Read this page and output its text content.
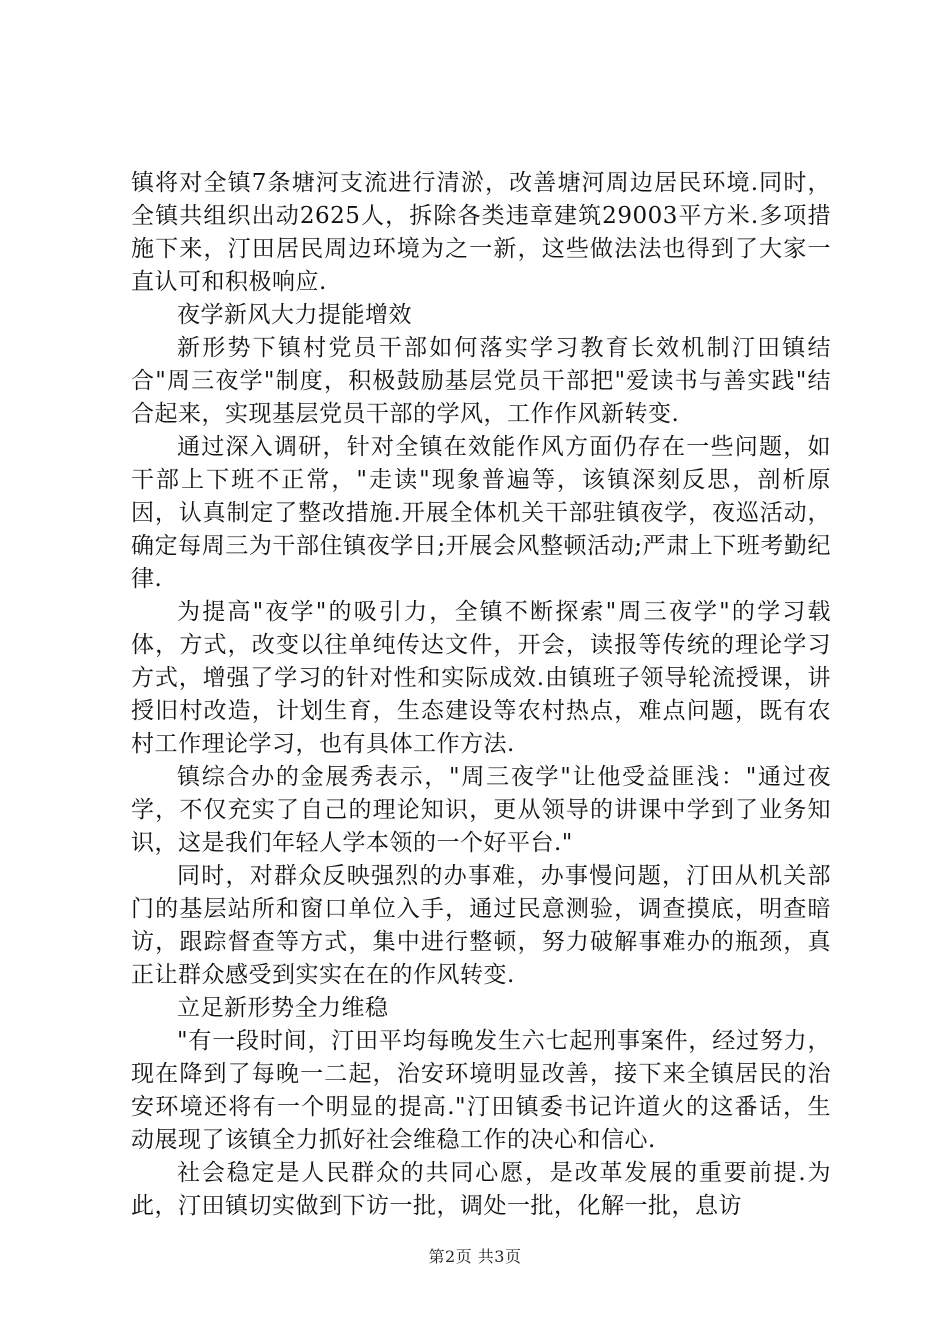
镇将对全镇7条塘河支流进行清淤，改善塘河周边居民环境.同时，全镇共组织出动2625人，拆除各类违章建筑29003平方米.多项措施下来，汀田居民周边环境为之一新，这些做法法也得到了大家一直认可和积极响应.

夜学新风大力提能增效

新形势下镇村党员干部如何落实学习教育长效机制汀田镇结合"周三夜学"制度，积极鼓励基层党员干部把"爱读书与善实践"结合起来，实现基层党员干部的学风，工作作风新转变.

通过深入调研，针对全镇在效能作风方面仍存在一些问题，如干部上下班不正常，"走读"现象普遍等，该镇深刻反思，剖析原因，认真制定了整改措施.开展全体机关干部驻镇夜学，夜巡活动，确定每周三为干部住镇夜学日;开展会风整顿活动;严肃上下班考勤纪律.

为提高"夜学"的吸引力，全镇不断探索"周三夜学"的学习载体，方式，改变以往单纯传达文件，开会，读报等传统的理论学习方式，增强了学习的针对性和实际成效.由镇班子领导轮流授课，讲授旧村改造，计划生育，生态建设等农村热点，难点问题，既有农村工作理论学习，也有具体工作方法.

镇综合办的金展秀表示，"周三夜学"让他受益匪浅："通过夜学，不仅充实了自己的理论知识，更从领导的讲课中学到了业务知识，这是我们年轻人学本领的一个好平台."

同时，对群众反映强烈的办事难，办事慢问题，汀田从机关部门的基层站所和窗口单位入手，通过民意测验，调查摸底，明查暗访，跟踪督查等方式，集中进行整顿，努力破解事难办的瓶颈，真正让群众感受到实实在在的作风转变.

立足新形势全力维稳

"有一段时间，汀田平均每晚发生六七起刑事案件，经过努力，现在降到了每晚一二起，治安环境明显改善，接下来全镇居民的治安环境还将有一个明显的提高."汀田镇委书记许道火的这番话，生动展现了该镇全力抓好社会维稳工作的决心和信心.

社会稳定是人民群众的共同心愿，是改革发展的重要前提.为此，汀田镇切实做到下访一批，调处一批，化解一批，息访

第2页 共3页
